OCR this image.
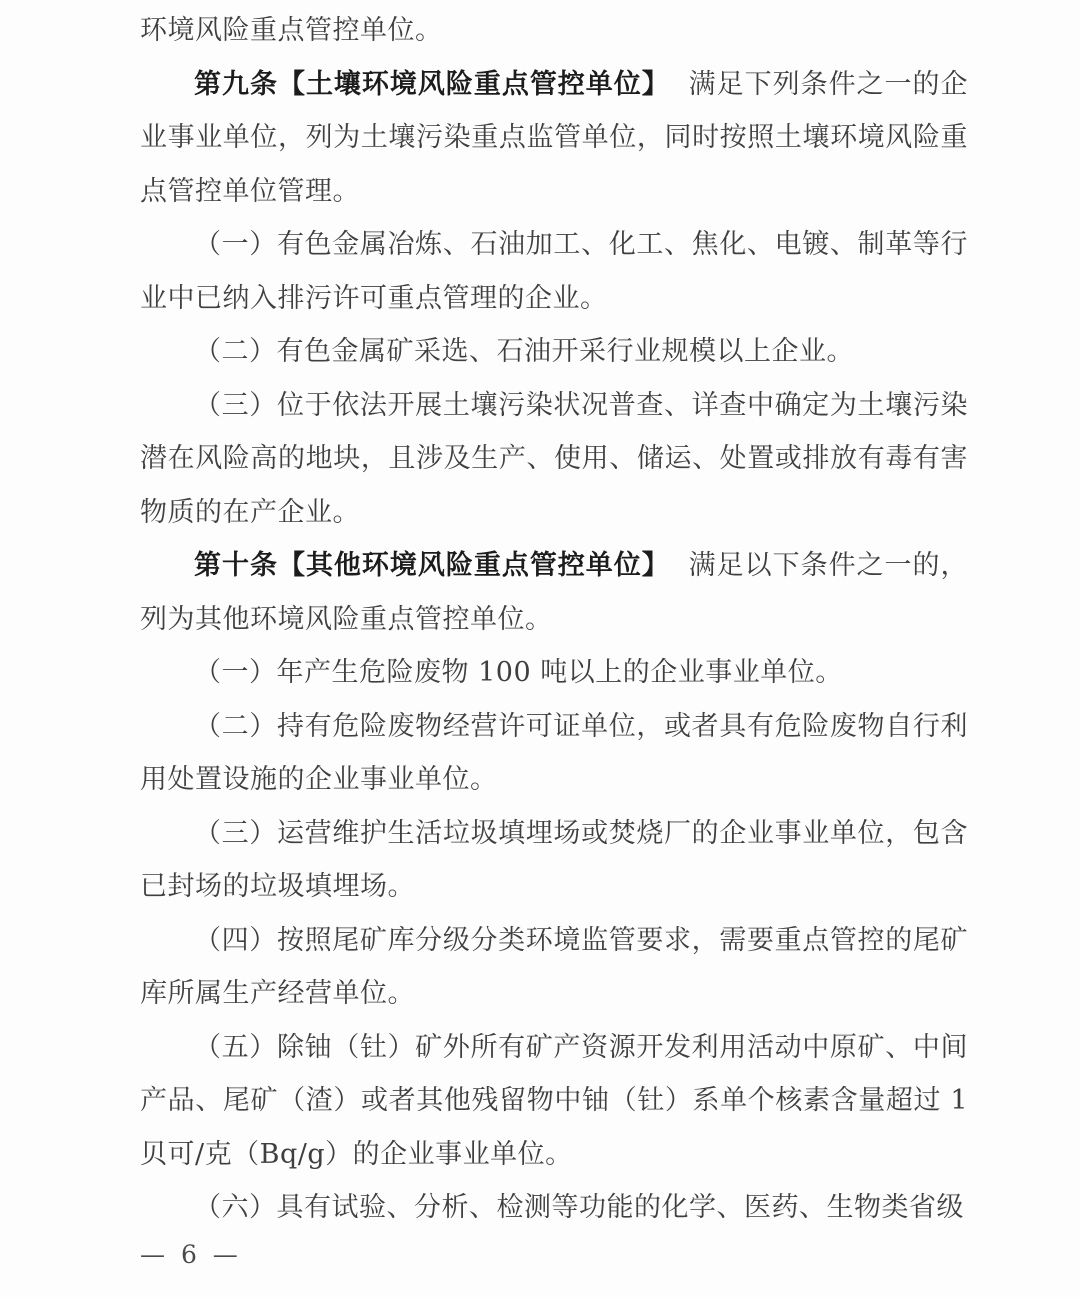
环境风险重点管控单位。

第九条【土壤环境风险重点管控单位】 满足下列条件之一的企业事业单位，列为土壤污染重点监管单位，同时按照土壤环境风险重点管控单位管理。

（一）有色金属冶炼、石油加工、化工、焦化、电镀、制革等行业中已纳入排污许可重点管理的企业。

（二）有色金属矿采选、石油开采行业规模以上企业。

（三）位于依法开展土壤污染状况普查、详查中确定为土壤污染潜在风险高的地块，且涉及生产、使用、储运、处置或排放有毒有害物质的在产企业。

第十条【其他环境风险重点管控单位】 满足以下条件之一的，列为其他环境风险重点管控单位。

（一）年产生危险废物 100 吨以上的企业事业单位。

（二）持有危险废物经营许可证单位，或者具有危险废物自行利用处置设施的企业事业单位。

（三）运营维护生活垃圾填埋场或焚烧厂的企业事业单位，包含已封场的垃圾填埋场。

（四）按照尾矿库分级分类环境监管要求，需要重点管控的尾矿库所属生产经营单位。

（五）除铀（钍）矿外所有矿产资源开发利用活动中原矿、中间产品、尾矿（渣）或者其他残留物中铀（钍）系单个核素含量超过 1 贝可/克（Bq/g）的企业事业单位。

（六）具有试验、分析、检测等功能的化学、医药、生物类省级

— 6 —
